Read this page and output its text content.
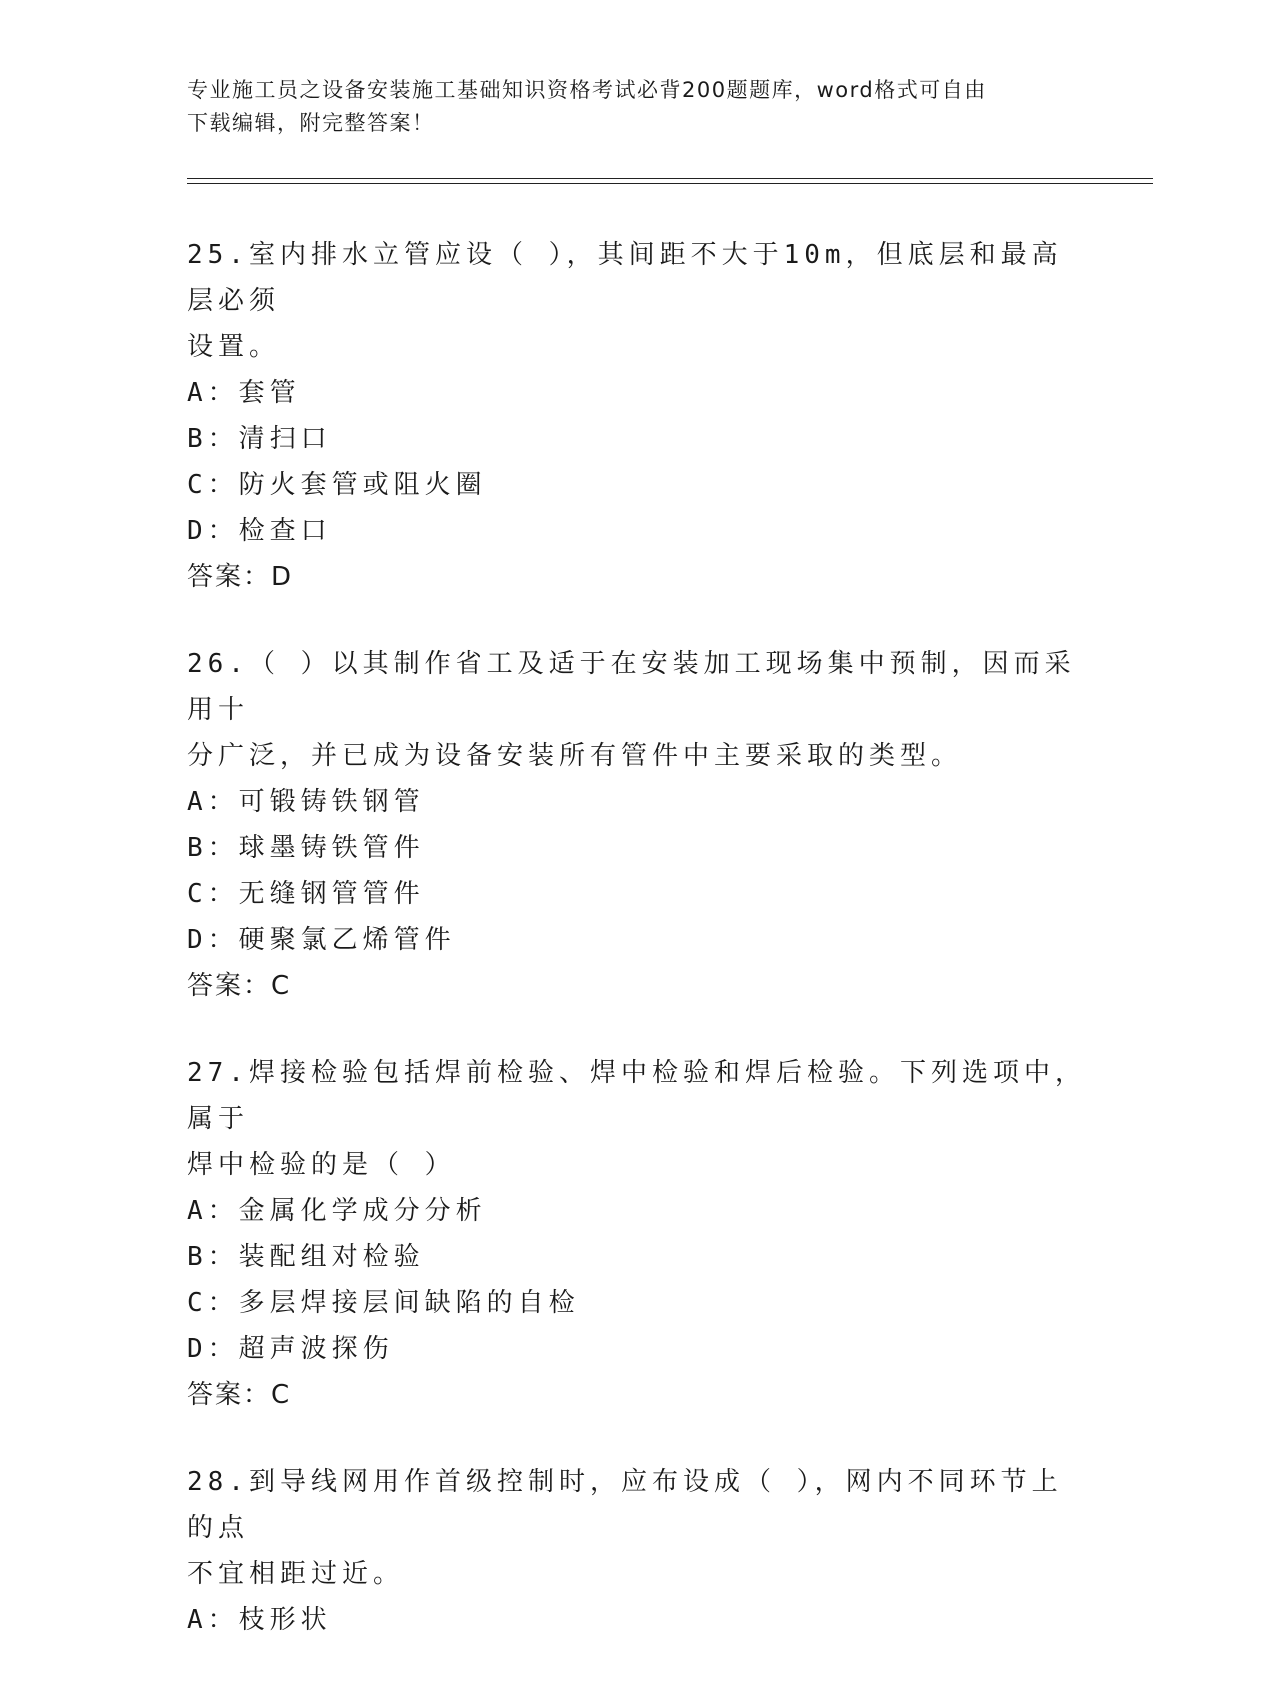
专业施工员之设备安装施工基础知识资格考试必背200题题库，word格式可自由
下载编辑，附完整答案！
25.室内排水立管应设（ ），其间距不大于10m，但底层和最高层必须
设置。
A：套管
B：清扫口
C：防火套管或阻火圈
D：检查口
答案：D
26.（ ）以其制作省工及适于在安装加工现场集中预制，因而采用十
分广泛，并已成为设备安装所有管件中主要采取的类型。
A：可锻铸铁钢管
B：球墨铸铁管件
C：无缝钢管管件
D：硬聚氯乙烯管件
答案：C
27.焊接检验包括焊前检验、焊中检验和焊后检验。下列选项中，属于
焊中检验的是（ ）
A：金属化学成分分析
B：装配组对检验
C：多层焊接层间缺陷的自检
D：超声波探伤
答案：C
28.到导线网用作首级控制时，应布设成（ ），网内不同环节上的点
不宜相距过近。
A：枝形状
